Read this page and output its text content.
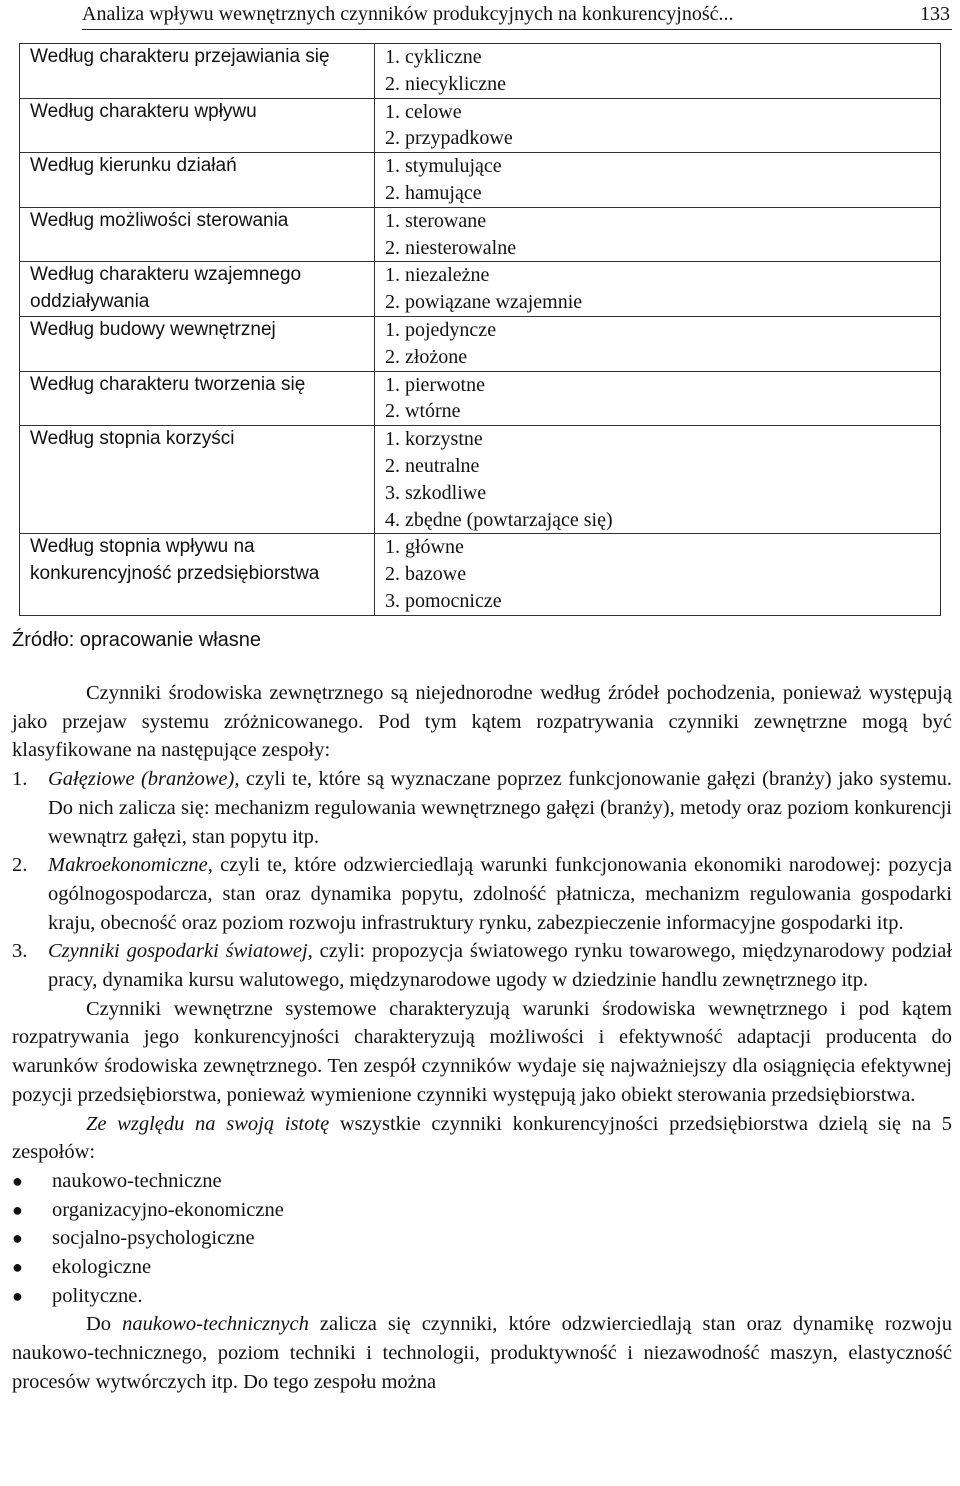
Analiza wpływu wewnętrznych czynników produkcyjnych na konkurencyjność...	133
Według charakteru przejawiania się	1. cykliczne
2. niecykliczne

Według charakteru wpływu	1. celowe
2. przypadkowe

Według kierunku działań	1. stymulujące
2. hamujące

Według możliwości sterowania	1. sterowane
2. niesterowalne

Według charakteru wzajemnego
oddziaływania	1. niezależne
2. powiązane wzajemnie

Według budowy wewnętrznej	1. pojedyncze
2. złożone

Według charakteru tworzenia się	1. pierwotne
2. wtórne

Według stopnia korzyści	1. korzystne
2. neutralne
3. szkodliwe
4. zbędne (powtarzające się)

Według stopnia wpływu na
konkurencyjność przedsiębiorstwa	1. główne
2. bazowe
3. pomocnicze
Źródło: opracowanie własne

Czynniki środowiska zewnętrznego są niejednorodne według źródeł pochodzenia, ponieważ występują jako przejaw systemu zróżnicowanego. Pod tym kątem rozpatrywania czynniki zewnętrzne mogą być klasyfikowane na następujące zespoły:

1.	Gałęziowe (branżowe), czyli te, które są wyznaczane poprzez funkcjonowanie gałęzi (branży) jako systemu. Do nich zalicza się: mechanizm regulowania wewnętrznego gałęzi (branży), metody oraz poziom konkurencji wewnątrz gałęzi, stan popytu itp.
2.	Makroekonomiczne, czyli te, które odzwierciedlają warunki funkcjonowania ekonomiki narodowej: pozycja ogólnogospodarcza, stan oraz dynamika popytu, zdolność płatnicza, mechanizm regulowania gospodarki kraju, obecność oraz poziom rozwoju infrastruktury rynku, zabezpieczenie informacyjne gospodarki itp.
3.	Czynniki gospodarki światowej, czyli: propozycja światowego rynku towarowego, międzynarodowy podział pracy, dynamika kursu walutowego, międzynarodowe ugody w dziedzinie handlu zewnętrznego itp.

Czynniki wewnętrzne systemowe charakteryzują warunki środowiska wewnętrznego i pod kątem rozpatrywania jego konkurencyjności charakteryzują możliwości i efektywność adaptacji producenta do warunków środowiska zewnętrznego. Ten zespół czynników wydaje się najważniejszy dla osiągnięcia efektywnej pozycji przedsiębiorstwa, ponieważ wymienione czynniki występują jako obiekt sterowania przedsiębiorstwa.

Ze względu na swoją istotę wszystkie czynniki konkurencyjności przedsiębiorstwa dzielą się na 5 zespołów:

●	naukowo-techniczne
●	organizacyjno-ekonomiczne
●	socjalno-psychologiczne
●	ekologiczne
●	polityczne.

Do naukowo-technicznych zalicza się czynniki, które odzwierciedlają stan oraz dynamikę rozwoju naukowo-technicznego, poziom techniki i technologii, produktywność i niezawodność maszyn, elastyczność procesów wytwórczych itp. Do tego zespołu można
